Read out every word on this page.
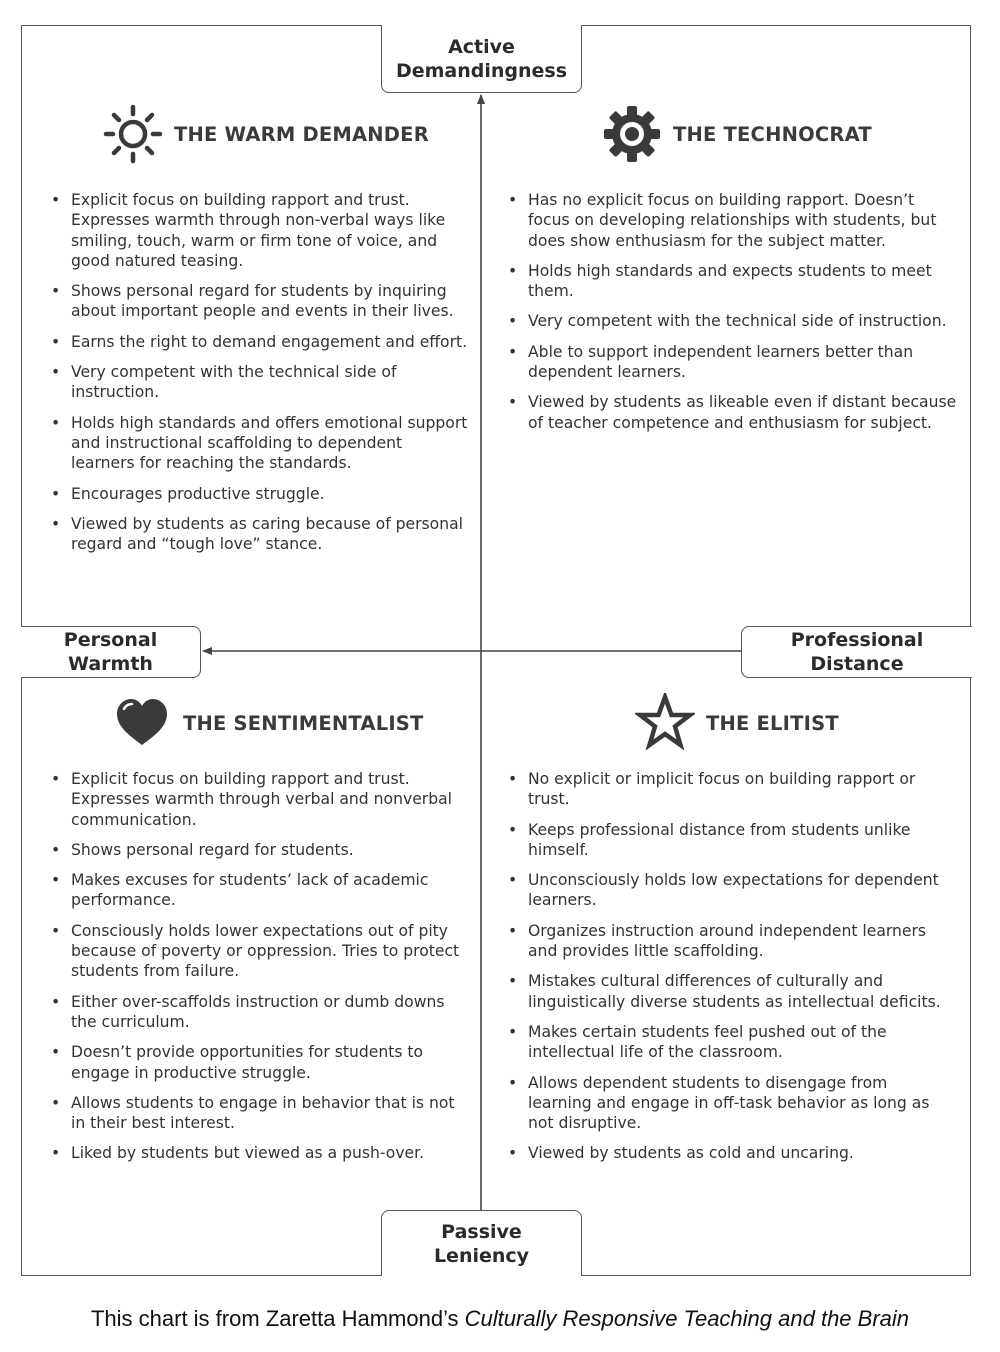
Active
Demandingness
Passive
Leniency
Personal Warmth
Professional Distance
THE WARM DEMANDER
• Explicit focus on building rapport and trust. Expresses warmth through non-verbal ways like smiling, touch, warm or firm tone of voice, and good natured teasing.
• Shows personal regard for students by inquiring about important people and events in their lives.
• Earns the right to demand engagement and effort.
• Very competent with the technical side of instruction.
• Holds high standards and offers emotional support and instructional scaffolding to dependent learners for reaching the standards.
• Encourages productive struggle.
• Viewed by students as caring because of personal regard and “tough love” stance.
THE TECHNOCRAT
• Has no explicit focus on building rapport. Doesn’t focus on developing relationships with students, but does show enthusiasm for the subject matter.
• Holds high standards and expects students to meet them.
• Very competent with the technical side of instruction.
• Able to support independent learners better than dependent learners.
• Viewed by students as likeable even if distant because of teacher competence and enthusiasm for subject.
THE SENTIMENTALIST
• Explicit focus on building rapport and trust. Expresses warmth through verbal and nonverbal communication.
• Shows personal regard for students.
• Makes excuses for students’ lack of academic performance.
• Consciously holds lower expectations out of pity because of poverty or oppression. Tries to protect students from failure.
• Either over-scaffolds instruction or dumb downs the curriculum.
• Doesn’t provide opportunities for students to engage in productive struggle.
• Allows students to engage in behavior that is not in their best interest.
• Liked by students but viewed as a push-over.
THE ELITIST
• No explicit or implicit focus on building rapport or trust.
• Keeps professional distance from students unlike himself.
• Unconsciously holds low expectations for dependent learners.
• Organizes instruction around independent learners and provides little scaffolding.
• Mistakes cultural differences of culturally and linguistically diverse students as intellectual deficits.
• Makes certain students feel pushed out of the intellectual life of the classroom.
• Allows dependent students to disengage from learning and engage in off-task behavior as long as not disruptive.
• Viewed by students as cold and uncaring.
This chart is from Zaretta Hammond’s Culturally Responsive Teaching and the Brain
